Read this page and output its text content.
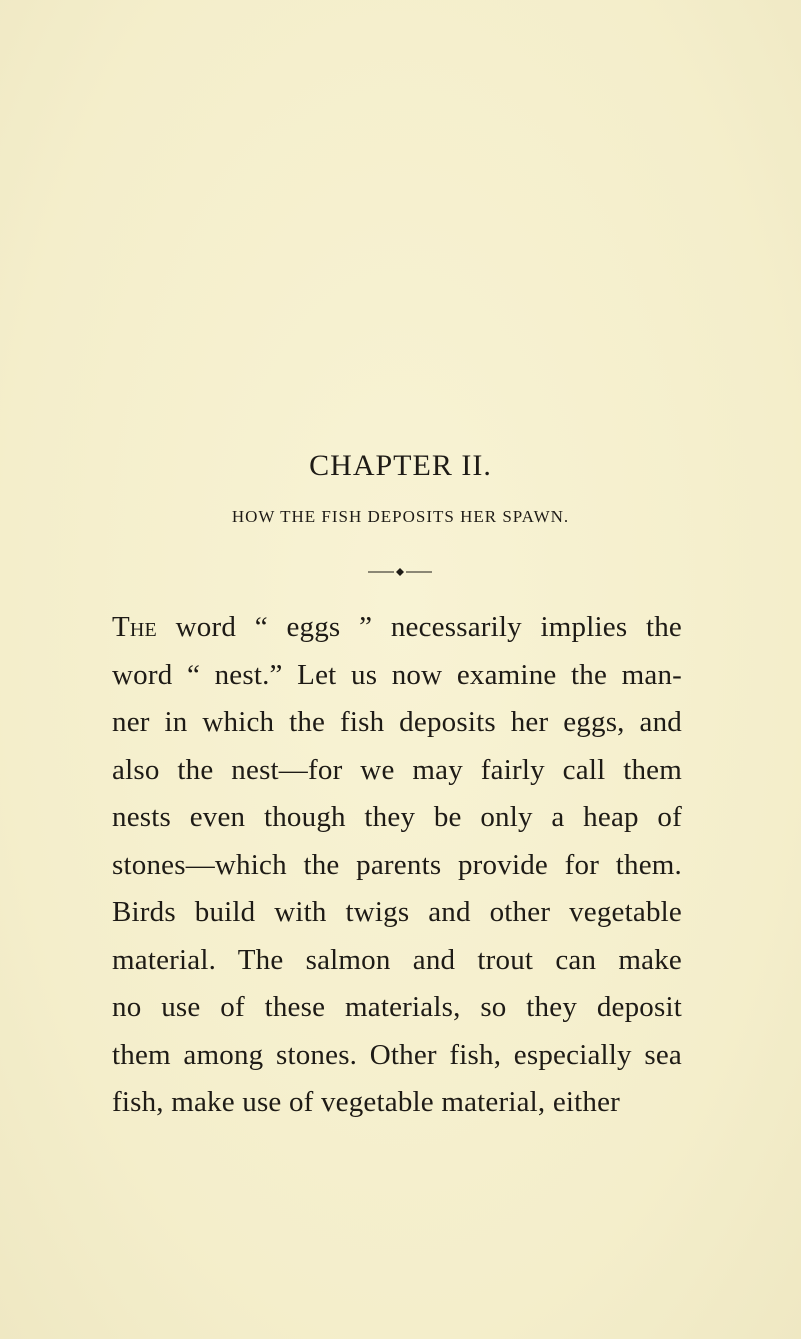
CHAPTER II.
HOW THE FISH DEPOSITS HER SPAWN.
The word “ eggs ” necessarily implies the
word “ nest.” Let us now examine the man-
ner in which the fish deposits her eggs, and
also the nest—for we may fairly call them
nests even though they be only a heap of
stones—which the parents provide for them.
Birds build with twigs and other vegetable
material. The salmon and trout can make
no use of these materials, so they deposit
them among stones. Other fish, especially sea
fish, make use of vegetable material, either
